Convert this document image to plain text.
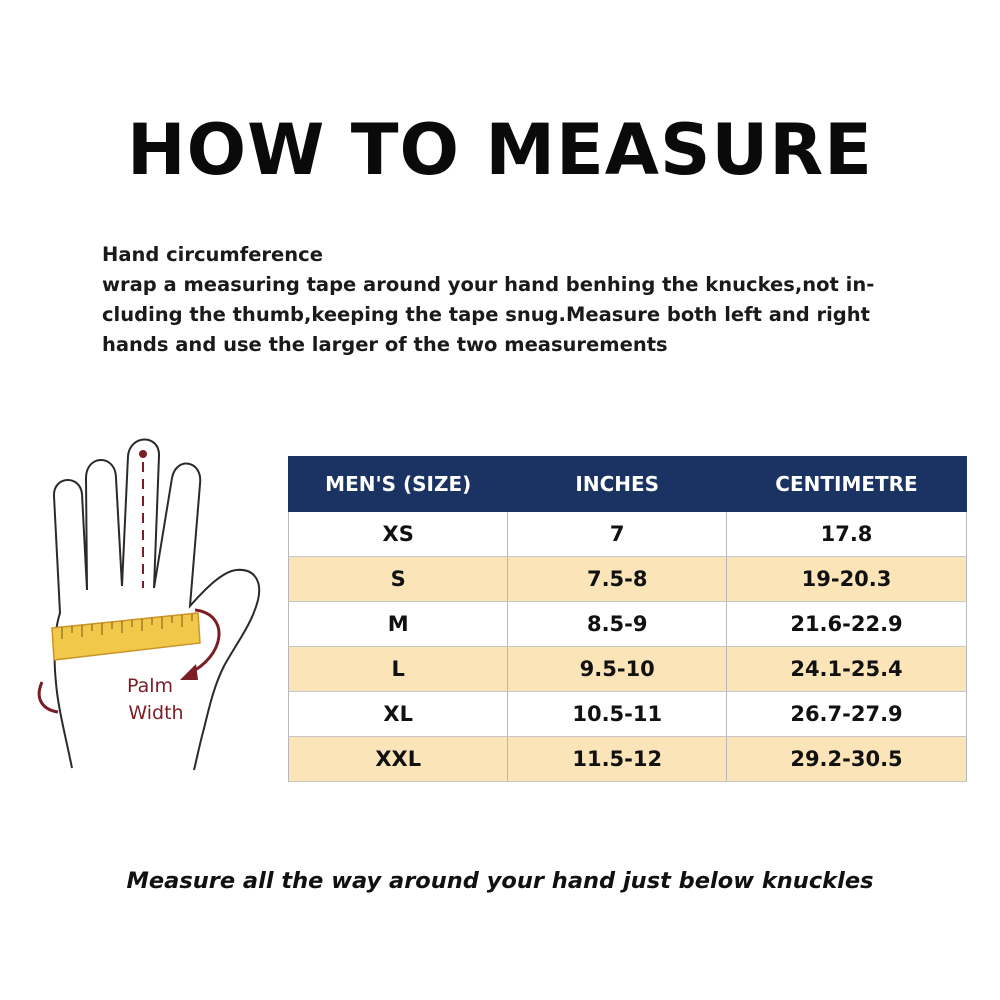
HOW TO MEASURE
Hand circumference
wrap a measuring tape around your hand benhing the knuckes,not in-
cluding the thumb,keeping the tape snug.Measure both left and right
hands and use the larger of the two measurements
Palm
Width
MEN'S (SIZE)	INCHES	CENTIMETRE
XS	7	17.8
S	7.5-8	19-20.3
M	8.5-9	21.6-22.9
L	9.5-10	24.1-25.4
XL	10.5-11	26.7-27.9
XXL	11.5-12	29.2-30.5
Measure all the way around your hand just below knuckles
